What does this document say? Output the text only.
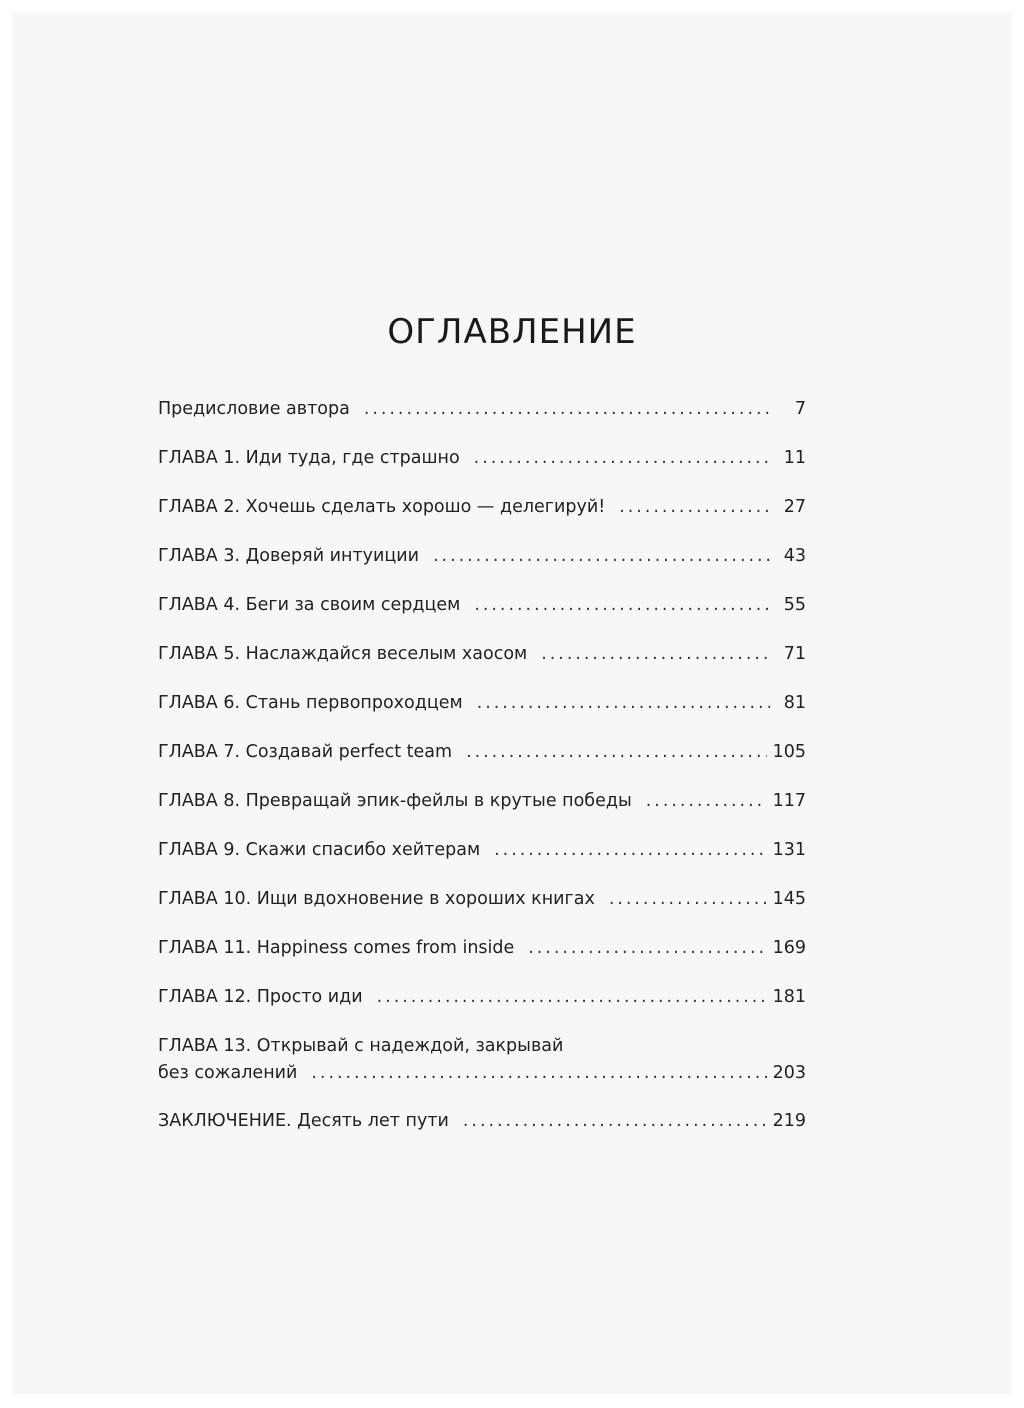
ОГЛАВЛЕНИЕ
Предисловие автора . . .	7
ГЛАВА 1. Иди туда, где страшно . . .	11
ГЛАВА 2. Хочешь сделать хорошо — делегируй! . . .	27
ГЛАВА 3. Доверяй интуиции . . .	43
ГЛАВА 4. Беги за своим сердцем . . .	55
ГЛАВА 5. Наслаждайся веселым хаосом . . .	71
ГЛАВА 6. Стань первопроходцем . . .	81
ГЛАВА 7. Создавай perfect team . . .	105
ГЛАВА 8. Превращай эпик-фейлы в крутые победы . . .	117
ГЛАВА 9. Скажи спасибо хейтерам . . .	131
ГЛАВА 10. Ищи вдохновение в хороших книгах . . .	145
ГЛАВА 11. Happiness comes from inside . . .	169
ГЛАВА 12. Просто иди . . .	181
ГЛАВА 13. Открывай с надеждой, закрывай
без сожалений . . .	203
ЗАКЛЮЧЕНИЕ. Десять лет пути . . .	219
